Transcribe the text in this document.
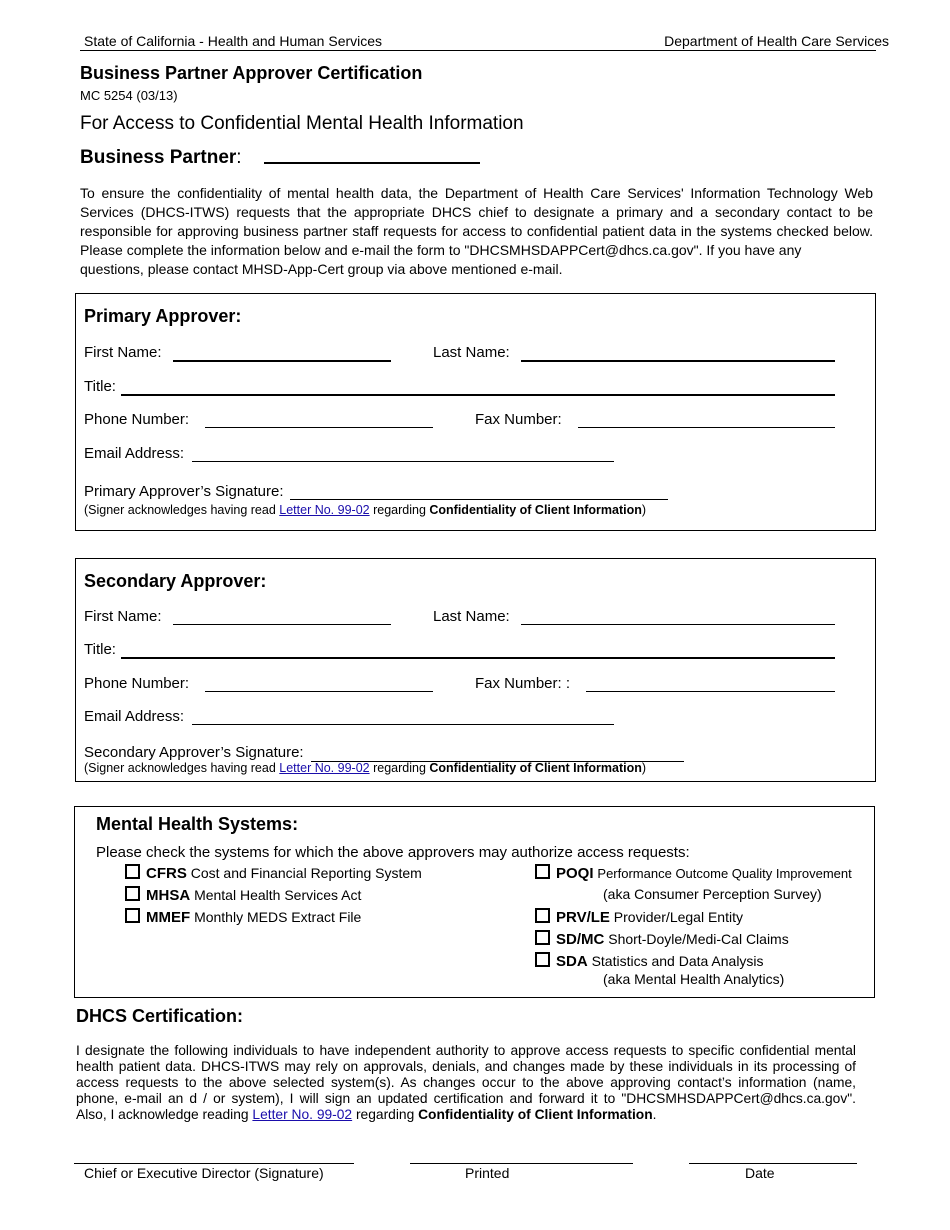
State of California - Health and Human Services	Department of Health Care Services
Business Partner Approver Certification
MC 5254 (03/13)
For Access to Confidential Mental Health Information
Business Partner:
To ensure the confidentiality of mental health data, the Department of Health Care Services' Information Technology Web
Services (DHCS-ITWS) requests that the appropriate DHCS chief to designate a primary and a secondary contact to be
responsible for approving business partner staff requests for access to confidential patient data in the systems checked below.
Please complete the information below and e-mail the form to "DHCSMHSDAPPCert@dhcs.ca.gov". If you have any
questions, please contact MHSD-App-Cert group via above mentioned e-mail.
Primary Approver:
First Name:	Last Name:
Title:
Phone Number:	Fax Number:
Email Address:
Primary Approver’s Signature:
(Signer acknowledges having read Letter No. 99-02 regarding Confidentiality of Client Information)
Secondary Approver:
First Name:	Last Name:
Title:
Phone Number:	Fax Number: :
Email Address:
Secondary Approver’s Signature:
(Signer acknowledges having read Letter No. 99-02 regarding Confidentiality of Client Information)
Mental Health Systems:
Please check the systems for which the above approvers may authorize access requests:
CFRS Cost and Financial Reporting System
MHSA Mental Health Services Act
MMEF Monthly MEDS Extract File
POQI Performance Outcome Quality Improvement
(aka Consumer Perception Survey)
PRV/LE Provider/Legal Entity
SD/MC Short-Doyle/Medi-Cal Claims
SDA Statistics and Data Analysis
(aka Mental Health Analytics)
DHCS Certification:
I designate the following individuals to have independent authority to approve access requests to specific confidential mental
health patient data. DHCS-ITWS may rely on approvals, denials, and changes made by these individuals in its processing of
access requests to the above selected system(s). As changes occur to the above approving contact’s information (name,
phone, e-mail an d / or system), I will sign an updated certification and forward it to "DHCSMHSDAPPCert@dhcs.ca.gov".
Also, I acknowledge reading Letter No. 99-02 regarding Confidentiality of Client Information.
Chief or Executive Director (Signature)	Printed	Date
